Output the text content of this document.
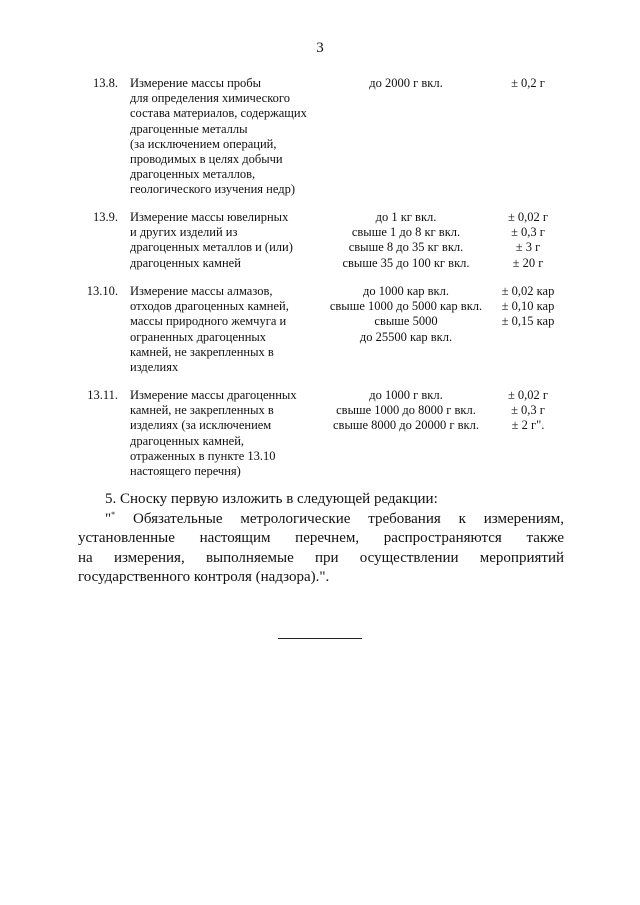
3
13.8. Измерение массы пробы
для определения химического
состава материалов, содержащих
драгоценные металлы
(за исключением операций,
проводимых в целях добычи
драгоценных металлов,
геологического изучения недр)
до 2000 г вкл.	± 0,2 г
13.9. Измерение массы ювелирных
и других изделий из
драгоценных металлов и (или)
драгоценных камней
до 1 кг вкл.
свыше 1 до 8 кг вкл.
свыше 8 до 35 кг вкл.
свыше 35 до 100 кг вкл.
± 0,02 г
± 0,3 г
± 3 г
± 20 г
13.10. Измерение массы алмазов,
отходов драгоценных камней,
массы природного жемчуга и
ограненных драгоценных
камней, не закрепленных в
изделиях
до 1000 кар вкл.
свыше 1000 до 5000 кар вкл.
свыше 5000
до 25500 кар вкл.
± 0,02 кар
± 0,10 кар
± 0,15 кар
13.11. Измерение массы драгоценных
камней, не закрепленных в
изделиях (за исключением
драгоценных камней,
отраженных в пункте 13.10
настоящего перечня)
до 1000 г вкл.
свыше 1000 до 8000 г вкл.
свыше 8000 до 20000 г вкл.
± 0,02 г
± 0,3 г
± 2 г".
5. Сноску первую изложить в следующей редакции:
"* Обязательные метрологические требования к измерениям,
установленные настоящим перечнем, распространяются также
на измерения, выполняемые при осуществлении мероприятий
государственного контроля (надзора).".
